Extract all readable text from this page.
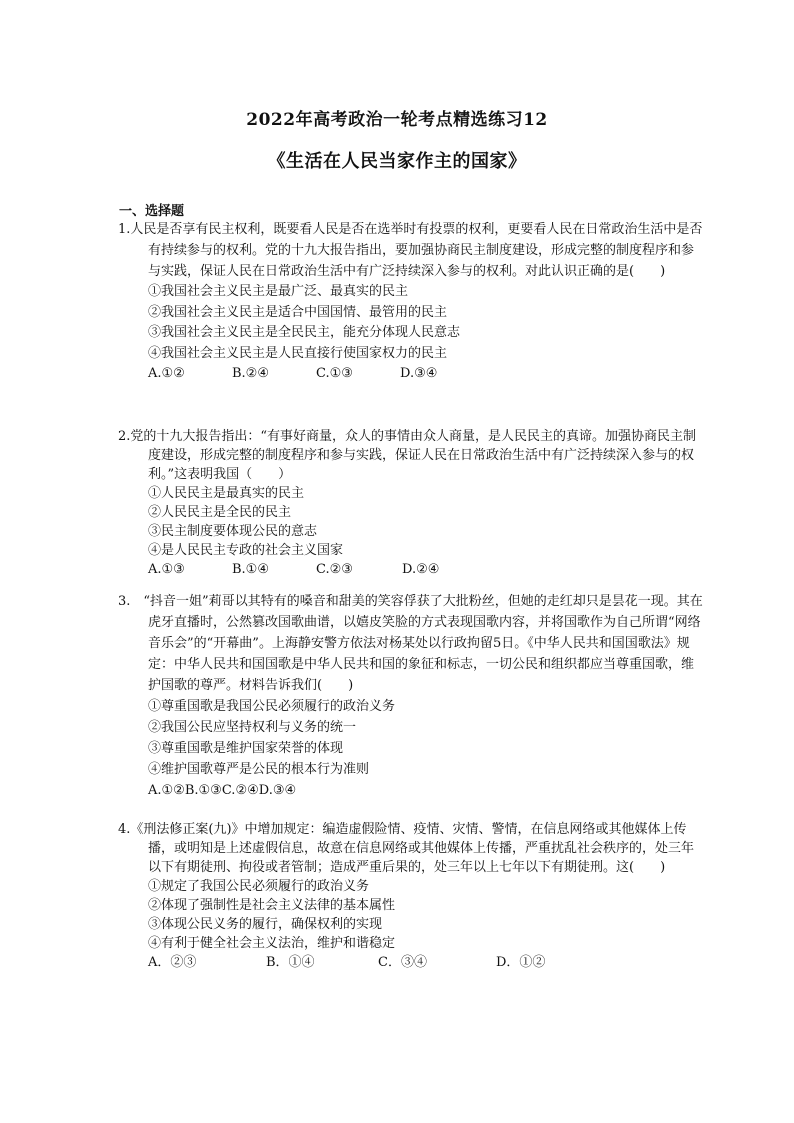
2022年高考政治一轮考点精选练习12
《生活在人民当家作主的国家》
一、选择题

1.人民是否享有民主权利，既要看人民是否在选举时有投票的权利，更要看人民在日常政治生活中是否有持续参与的权利。党的十九大报告指出，要加强协商民主制度建设，形成完整的制度程序和参与实践，保证人民在日常政治生活中有广泛持续深入参与的权利。对此认识正确的是(　　)

①我国社会主义民主是最广泛、最真实的民主

②我国社会主义民主是适合中国国情、最管用的民主

③我国社会主义民主是全民民主，能充分体现人民意志

④我国社会主义民主是人民直接行使国家权力的民主

A.①②	B.②④	C.①③	D.③④

2.党的十九大报告指出：“有事好商量，众人的事情由众人商量，是人民民主的真谛。加强协商民主制度建设，形成完整的制度程序和参与实践，保证人民在日常政治生活中有广泛持续深入参与的权利。”这表明我国（　　）

①人民民主是最真实的民主

②人民民主是全民的民主

③民主制度要体现公民的意志

④是人民民主专政的社会主义国家

A.①③	B.①④	C.②③	D.②④

3.　“抖音一姐”莉哥以其特有的嗓音和甜美的笑容俘获了大批粉丝，但她的走红却只是昙花一现。其在虎牙直播时，公然篡改国歌曲谱，以嬉皮笑脸的方式表现国歌内容，并将国歌作为自己所谓“网络音乐会”的“开幕曲”。上海静安警方依法对杨某处以行政拘留5日。《中华人民共和国国歌法》规定：中华人民共和国国歌是中华人民共和国的象征和标志，一切公民和组织都应当尊重国歌，维护国歌的尊严。材料告诉我们(　　)

①尊重国歌是我国公民必须履行的政治义务

②我国公民应坚持权利与义务的统一

③尊重国歌是维护国家荣誉的体现

④维护国歌尊严是公民的根本行为准则

A.①②B.①③C.②④D.③④

4.《刑法修正案(九)》中增加规定：编造虚假险情、疫情、灾情、警情，在信息网络或其他媒体上传播，或明知是上述虚假信息，故意在信息网络或其他媒体上传播，严重扰乱社会秩序的，处三年以下有期徒刑、拘役或者管制；造成严重后果的，处三年以上七年以下有期徒刑。这(　　)

①规定了我国公民必须履行的政治义务

②体现了强制性是社会主义法律的基本属性

③体现公民义务的履行，确保权利的实现

④有利于健全社会主义法治，维护和谐稳定

A．②③	B．①④	C．③④	D．①②
